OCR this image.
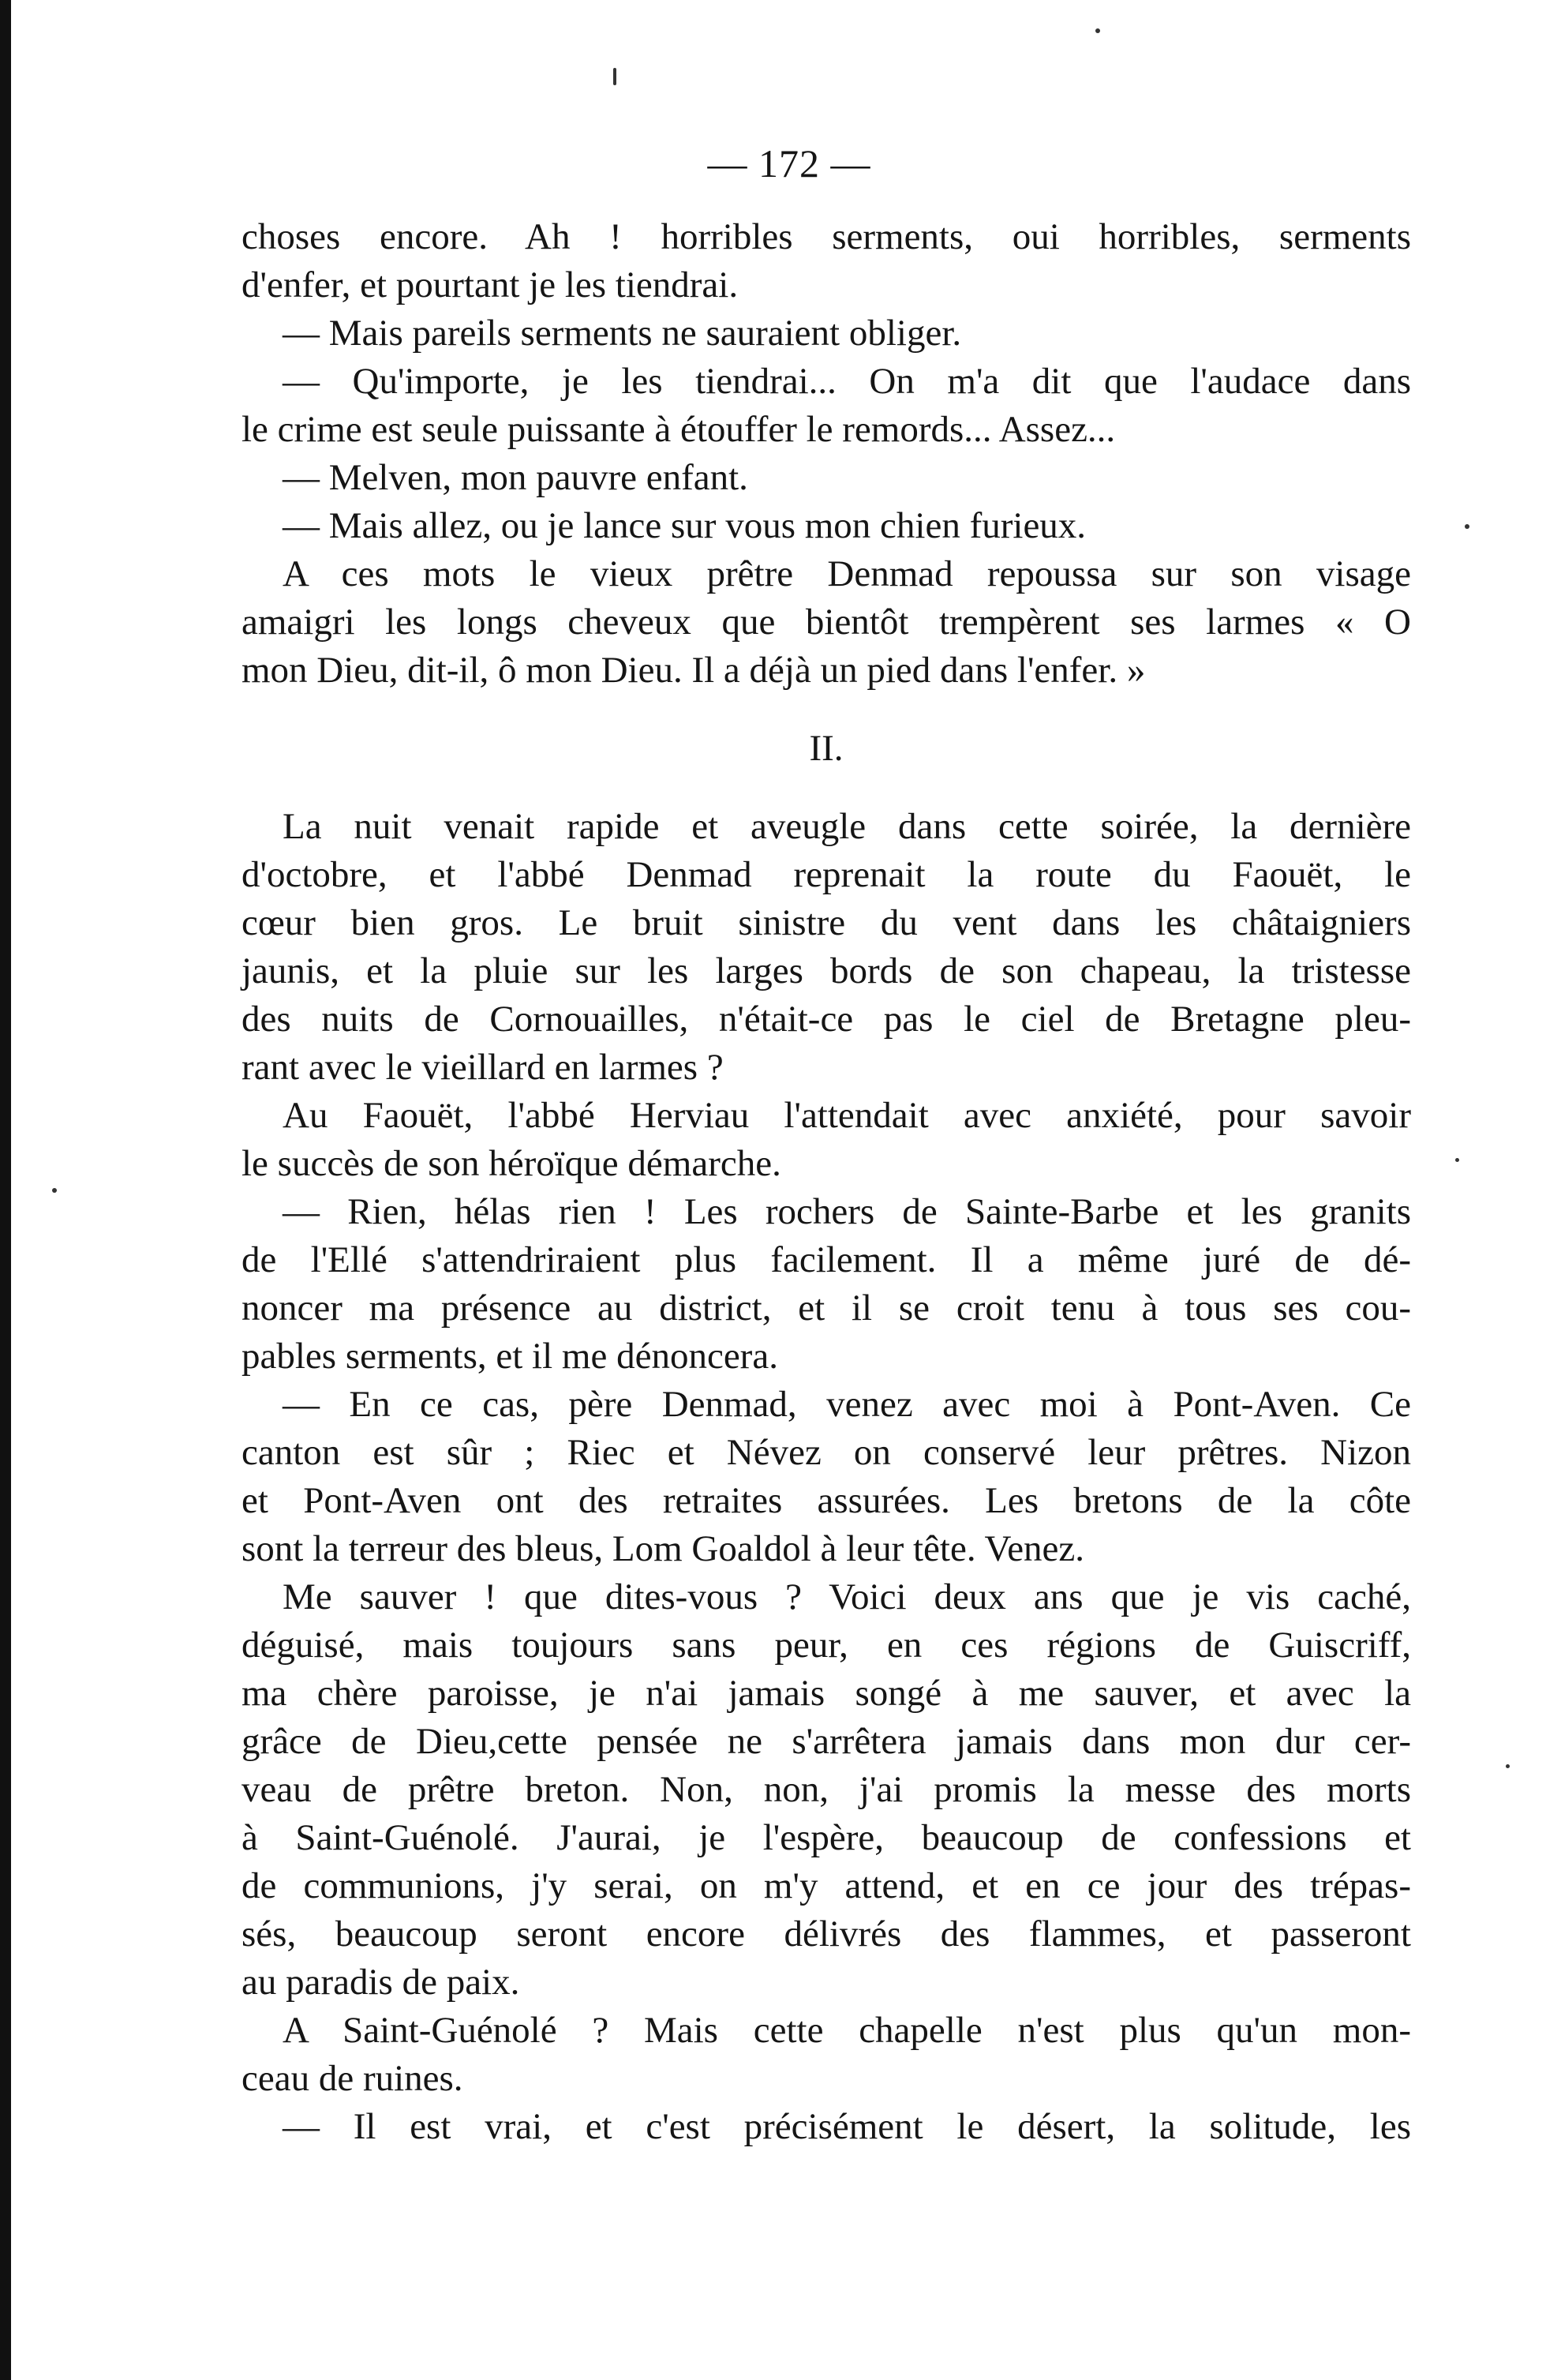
— 172 —
choses encore. Ah ! horribles serments, oui horribles, serments
d'enfer, et pourtant je les tiendrai.
— Mais pareils serments ne sauraient obliger.
— Qu'importe, je les tiendrai... On m'a dit que l'audace dans
le crime est seule puissante à étouffer le remords... Assez...
— Melven, mon pauvre enfant.
— Mais allez, ou je lance sur vous mon chien furieux.
A ces mots le vieux prêtre Denmad repoussa sur son visage
amaigri les longs cheveux que bientôt trempèrent ses larmes « O
mon Dieu, dit-il, ô mon Dieu. Il a déjà un pied dans l'enfer. »
II.
La nuit venait rapide et aveugle dans cette soirée, la dernière
d'octobre, et l'abbé Denmad reprenait la route du Faouët, le
cœur bien gros. Le bruit sinistre du vent dans les châtaigniers
jaunis, et la pluie sur les larges bords de son chapeau, la tristesse
des nuits de Cornouailles, n'était-ce pas le ciel de Bretagne pleu-
rant avec le vieillard en larmes ?
Au Faouët, l'abbé Herviau l'attendait avec anxiété, pour savoir
le succès de son héroïque démarche.
— Rien, hélas rien ! Les rochers de Sainte-Barbe et les granits
de l'Ellé s'attendriraient plus facilement. Il a même juré de dé-
noncer ma présence au district, et il se croit tenu à tous ses cou-
pables serments, et il me dénoncera.
— En ce cas, père Denmad, venez avec moi à Pont-Aven. Ce
canton est sûr ; Riec et Névez on conservé leur prêtres. Nizon
et Pont-Aven ont des retraites assurées. Les bretons de la côte
sont la terreur des bleus, Lom Goaldol à leur tête. Venez.
Me sauver ! que dites-vous ? Voici deux ans que je vis caché,
déguisé, mais toujours sans peur, en ces régions de Guiscriff,
ma chère paroisse, je n'ai jamais songé à me sauver, et avec la
grâce de Dieu,cette pensée ne s'arrêtera jamais dans mon dur cer-
veau de prêtre breton. Non, non, j'ai promis la messe des morts
à Saint-Guénolé. J'aurai, je l'espère, beaucoup de confessions et
de communions, j'y serai, on m'y attend, et en ce jour des trépas-
sés, beaucoup seront encore délivrés des flammes, et passeront
au paradis de paix.
A Saint-Guénolé ? Mais cette chapelle n'est plus qu'un mon-
ceau de ruines.
— Il est vrai, et c'est précisément le désert, la solitude, les
